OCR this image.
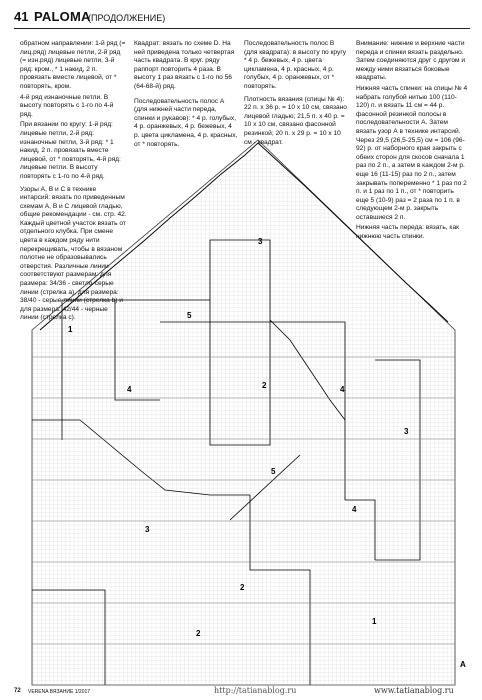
41 PALOMA
(ПРОДОЛЖЕНИЕ)
1
2
3
4
5
4
2
4
5
3
3
2
1
A

обратном направлении: 1-й ряд (= лиц.ряд) лицевые петли, 2-й ряд (= изн.ряд) лицевые петли, 3-й ряд: кром., * 1 накид, 2 п. провязать вместе лицевой, от * повторять, кром.

4-й ряд изнаночные петли. В высоту повторять с 1-го по 4-й ряд.

При вязании по кругу: 1-й ряд: лицевые петли, 2-й ряд: изнаночные петли, 3-й ряд: * 1 накид, 2 п. провязать вместе лицевой, от * повторять, 4-й ряд: лицевые петли. В высоту повторять с 1-го по 4-й ряд.

Узоры А, В и С в технике интарсий: вязать по приведенным схемам А, В и С лицевой гладью, общие рекомендации - см. стр. 42. Каждый цветной участок вязать от отдельного клубка. При смене цвета в каждом ряду нити перекрещивать, чтобы в вязаном полотне не образовывались отверстия. Различные линии соответствуют размерам: для размера: 34/36 - светло-серые линии (стрелка a), для размера: 38/40 - серые линии (стрелка b) и для размера: 42/44 - черные линии (стрелка c).

Квадрат: вязать по схеме D. На ней приведена только четвертая часть квадрата. В круг. ряду раппорт повторить 4 раза. В высоту 1 раз вязать с 1-го по 56 (64-68-й) ряд.

Последовательность полос А (для нижней части переда, спинки и рукавов): * 4 р. голубых, 4 р. оранжевых, 4 р. бежевых, 4 р. цвета цикламена, 4 р. красных, от * повторять.

Последовательность полос В (для квадрата): в высоту по кругу * 4 р. бежевых, 4 р. цвета цикламена, 4 р. красных, 4 р. голубых, 4 р. оранжевых, от * повторять.

Плотность вязания (спицы № 4): 22 п. х 36 р. = 10 х 10 см, связано лицевой гладью; 21,5 п. х 40 р. = 10 х 10 см, связано фасонной резинкой; 20 п. х 29 р. = 10 х 10 см - квадрат.

Внимание: нижние и верхние части переда и спинки вязать раздельно. Затем соединяются друг с другом и между ними вязаться боковые квадраты.

Нижняя часть спинки: на спицы № 4 набрать голубой нитью 100 (110-120) п. и вязать 11 см = 44 р. фасонной резинкой полосы в последовательности А. Затем вязать узор А в технике интарсий. Через 29,5 (26,5-25,5) см = 106 (96-92) р. от наборного края закрыть с обеих сторон для скосов сначала 1 раз по 2 п., а затем в каждом 2-м р. еще 16 (11-15) раз по 2 п., затем закрывать попеременно * 1 раз по 2 п. и 1 раз по 1 п., от * повторить еще 5 (10-9) раз = 2 раза по 1 п. в следующем 2-м р. закрыть оставшиеся 2 п.

Нижняя часть переда: вязать, как нижнюю часть спинки.

72 VERENA ВЯЗАНИЕ 1/2017	http://tatianablog.ru	www.tatianablog.ru
